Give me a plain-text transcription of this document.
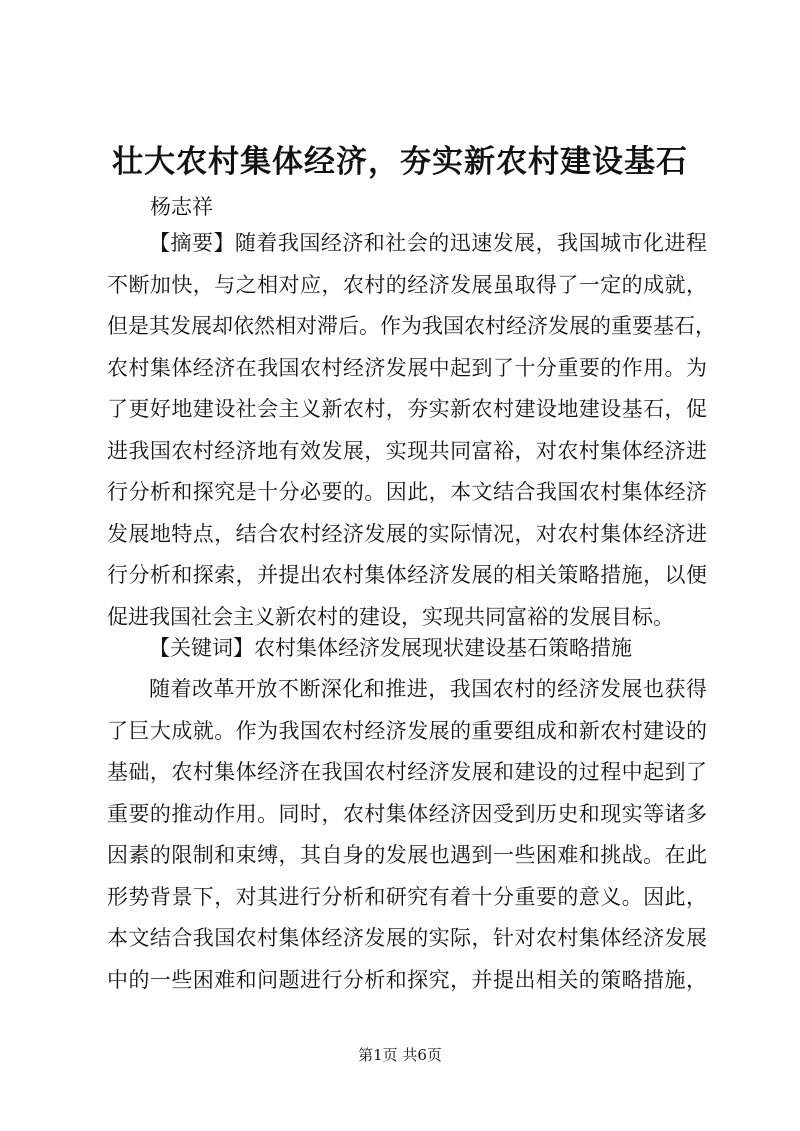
壮大农村集体经济，夯实新农村建设基石
杨志祥
【摘要】随着我国经济和社会的迅速发展，我国城市化进程
不断加快，与之相对应，农村的经济发展虽取得了一定的成就，
但是其发展却依然相对滞后。作为我国农村经济发展的重要基石，
农村集体经济在我国农村经济发展中起到了十分重要的作用。为
了更好地建设社会主义新农村，夯实新农村建设地建设基石，促
进我国农村经济地有效发展，实现共同富裕，对农村集体经济进
行分析和探究是十分必要的。因此，本文结合我国农村集体经济
发展地特点，结合农村经济发展的实际情况，对农村集体经济进
行分析和探索，并提出农村集体经济发展的相关策略措施，以便
促进我国社会主义新农村的建设，实现共同富裕的发展目标。
【关键词】农村集体经济发展现状建设基石策略措施
随着改革开放不断深化和推进，我国农村的经济发展也获得
了巨大成就。作为我国农村经济发展的重要组成和新农村建设的
基础，农村集体经济在我国农村经济发展和建设的过程中起到了
重要的推动作用。同时，农村集体经济因受到历史和现实等诸多
因素的限制和束缚，其自身的发展也遇到一些困难和挑战。在此
形势背景下，对其进行分析和研究有着十分重要的意义。因此，
本文结合我国农村集体经济发展的实际，针对农村集体经济发展
中的一些困难和问题进行分析和探究，并提出相关的策略措施，
第1页 共6页
